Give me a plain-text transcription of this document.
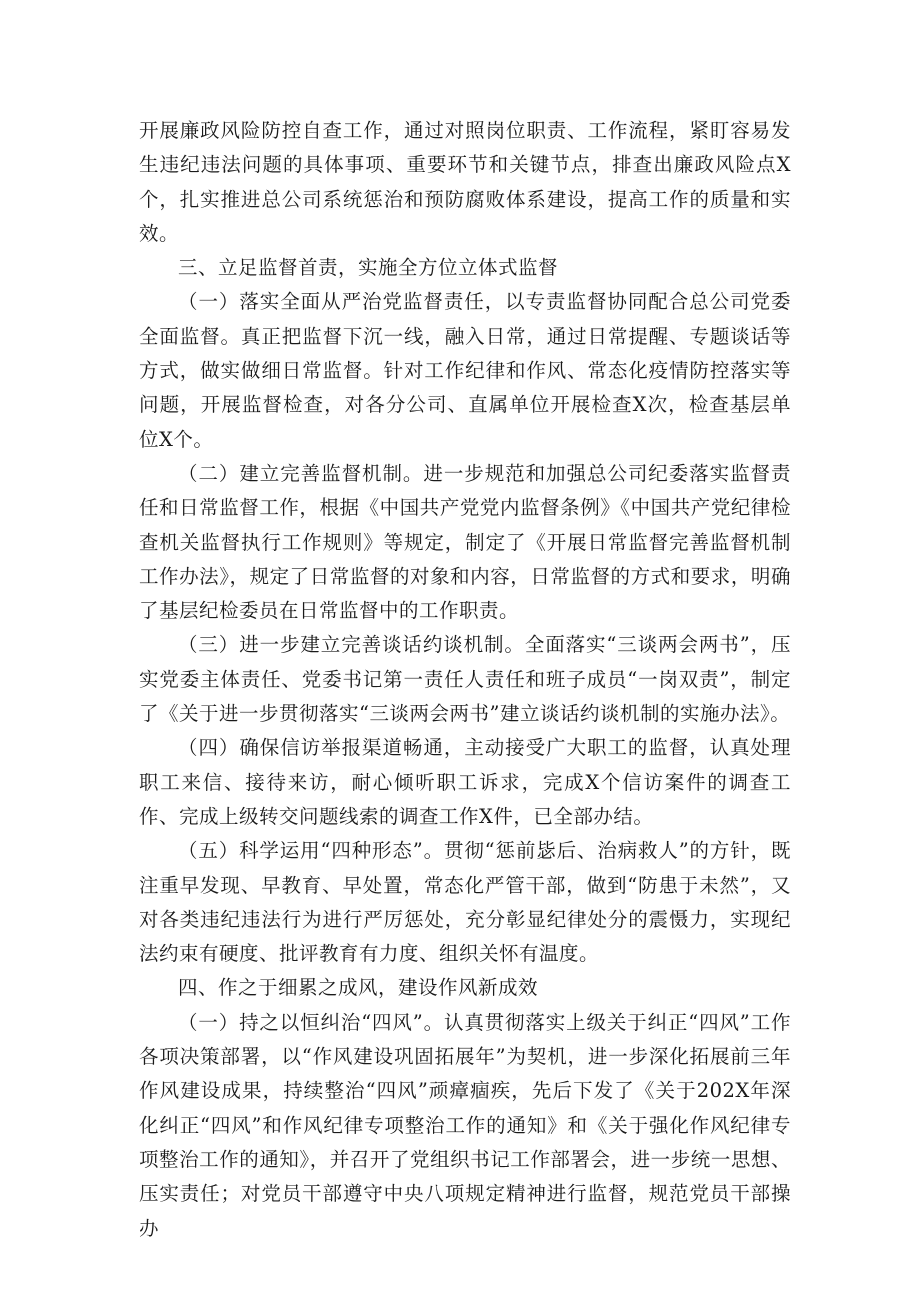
开展廉政风险防控自查工作，通过对照岗位职责、工作流程，紧盯容易发生违纪违法问题的具体事项、重要环节和关键节点，排查出廉政风险点X个，扎实推进总公司系统惩治和预防腐败体系建设，提高工作的质量和实效。

三、立足监督首责，实施全方位立体式监督

（一）落实全面从严治党监督责任，以专责监督协同配合总公司党委全面监督。真正把监督下沉一线，融入日常，通过日常提醒、专题谈话等方式，做实做细日常监督。针对工作纪律和作风、常态化疫情防控落实等问题，开展监督检查，对各分公司、直属单位开展检查X次，检查基层单位X个。

（二）建立完善监督机制。进一步规范和加强总公司纪委落实监督责任和日常监督工作，根据《中国共产党党内监督条例》《中国共产党纪律检查机关监督执行工作规则》等规定，制定了《开展日常监督完善监督机制工作办法》，规定了日常监督的对象和内容，日常监督的方式和要求，明确了基层纪检委员在日常监督中的工作职责。

（三）进一步建立完善谈话约谈机制。全面落实“三谈两会两书”，压实党委主体责任、党委书记第一责任人责任和班子成员“一岗双责”，制定了《关于进一步贯彻落实“三谈两会两书”建立谈话约谈机制的实施办法》。

（四）确保信访举报渠道畅通，主动接受广大职工的监督，认真处理职工来信、接待来访，耐心倾听职工诉求，完成X个信访案件的调查工作、完成上级转交问题线索的调查工作X件，已全部办结。

（五）科学运用“四种形态”。贯彻“惩前毖后、治病救人”的方针，既注重早发现、早教育、早处置，常态化严管干部，做到“防患于未然”，又对各类违纪违法行为进行严厉惩处，充分彰显纪律处分的震慑力，实现纪法约束有硬度、批评教育有力度、组织关怀有温度。

四、作之于细累之成风，建设作风新成效

（一）持之以恒纠治“四风”。认真贯彻落实上级关于纠正“四风”工作各项决策部署，以“作风建设巩固拓展年”为契机，进一步深化拓展前三年作风建设成果，持续整治“四风”顽瘴痼疾，先后下发了《关于202X年深化纠正“四风”和作风纪律专项整治工作的通知》和《关于强化作风纪律专项整治工作的通知》，并召开了党组织书记工作部署会，进一步统一思想、压实责任；对党员干部遵守中央八项规定精神进行监督，规范党员干部操办
